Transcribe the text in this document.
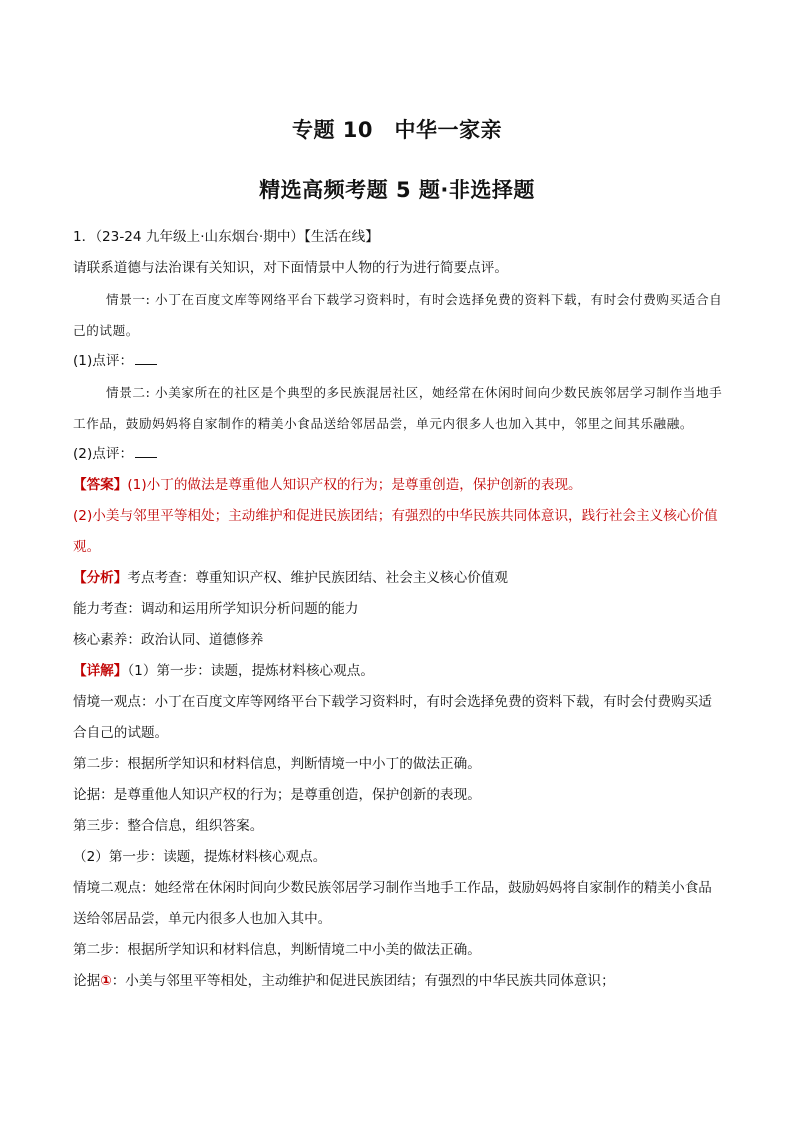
专题 10　中华一家亲
精选高频考题 5 题·非选择题
1．（23-24 九年级上·山东烟台·期中）【生活在线】
请联系道德与法治课有关知识，对下面情景中人物的行为进行简要点评。
情景一: 小丁在百度文库等网络平台下载学习资料时，有时会选择免费的资料下载，有时会付费购买适合自己的试题。
(1)点评：
情景二: 小美家所在的社区是个典型的多民族混居社区，她经常在休闲时间向少数民族邻居学习制作当地手工作品，鼓励妈妈将自家制作的精美小食品送给邻居品尝，单元内很多人也加入其中，邻里之间其乐融融。
(2)点评：
【答案】(1)小丁的做法是尊重他人知识产权的行为；是尊重创造，保护创新的表现。
(2)小美与邻里平等相处；主动维护和促进民族团结；有强烈的中华民族共同体意识，践行社会主义核心价值观。
【分析】考点考查：尊重知识产权、维护民族团结、社会主义核心价值观
能力考查：调动和运用所学知识分析问题的能力
核心素养：政治认同、道德修养
【详解】（1）第一步：读题，提炼材料核心观点。
情境一观点：小丁在百度文库等网络平台下载学习资料时，有时会选择免费的资料下载，有时会付费购买适合自己的试题。
第二步：根据所学知识和材料信息，判断情境一中小丁的做法正确。
论据：是尊重他人知识产权的行为；是尊重创造，保护创新的表现。
第三步：整合信息，组织答案。
（2）第一步：读题，提炼材料核心观点。
情境二观点：她经常在休闲时间向少数民族邻居学习制作当地手工作品，鼓励妈妈将自家制作的精美小食品送给邻居品尝，单元内很多人也加入其中。
第二步：根据所学知识和材料信息，判断情境二中小美的做法正确。
论据①：小美与邻里平等相处，主动维护和促进民族团结；有强烈的中华民族共同体意识；
